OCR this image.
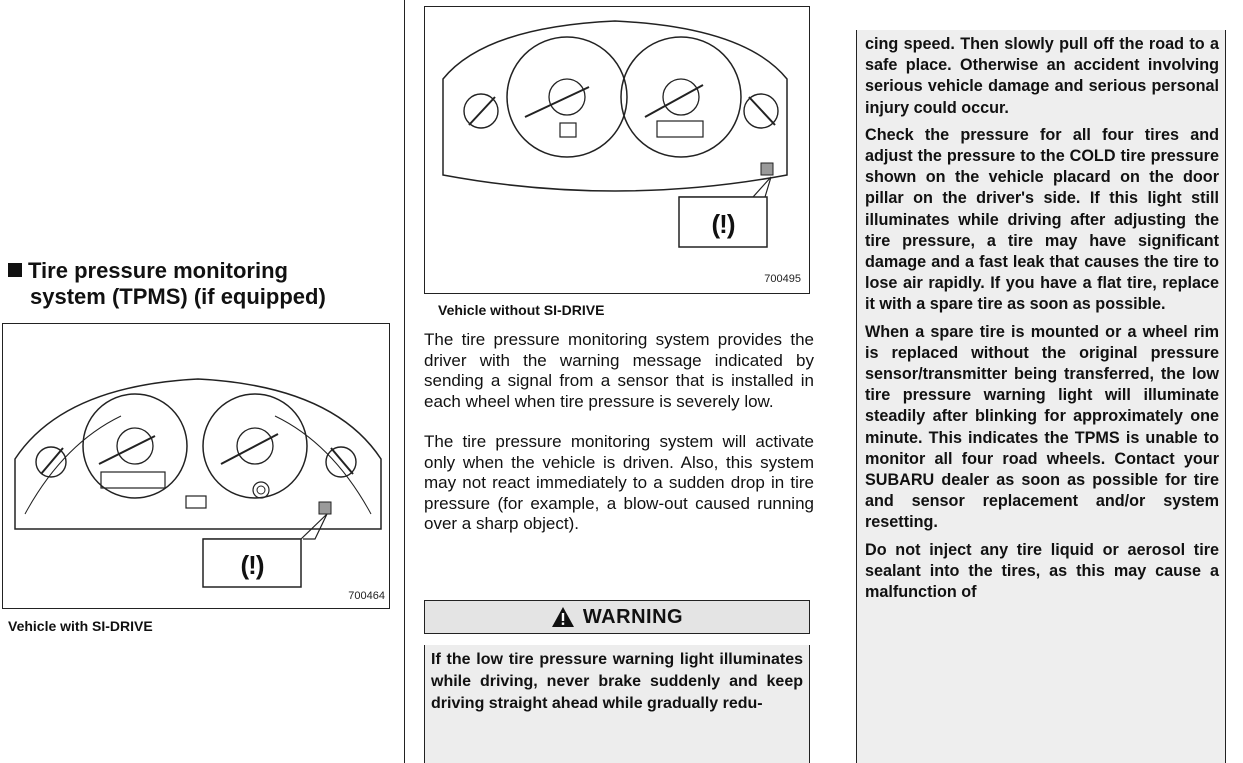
Tire pressure monitoring
system (TPMS) (if equipped)
(!)
700464
Vehicle with SI-DRIVE
(!)
700495
Vehicle without SI-DRIVE
The tire pressure monitoring system provides the driver with the warning message indicated by sending a signal from a sensor that is installed in each wheel when tire pressure is severely low.
The tire pressure monitoring system will activate only when the vehicle is driven. Also, this system may not react immediately to a sudden drop in tire pressure (for example, a blow-out caused running over a sharp object).
WARNING
If the low tire pressure warning light illuminates while driving, never brake suddenly and keep driving straight ahead while gradually redu-

cing speed. Then slowly pull off the road to a safe place. Otherwise an accident involving serious vehicle damage and serious personal injury could occur.

Check the pressure for all four tires and adjust the pressure to the COLD tire pressure shown on the vehicle placard on the door pillar on the driver's side. If this light still illuminates while driving after adjusting the tire pressure, a tire may have significant damage and a fast leak that causes the tire to lose air rapidly. If you have a flat tire, replace it with a spare tire as soon as possible.

When a spare tire is mounted or a wheel rim is replaced without the original pressure sensor/transmitter being transferred, the low tire pressure warning light will illuminate steadily after blinking for approximately one minute. This indicates the TPMS is unable to monitor all four road wheels. Contact your SUBARU dealer as soon as possible for tire and sensor replacement and/or system resetting.

Do not inject any tire liquid or aerosol tire sealant into the tires, as this may cause a malfunction of
